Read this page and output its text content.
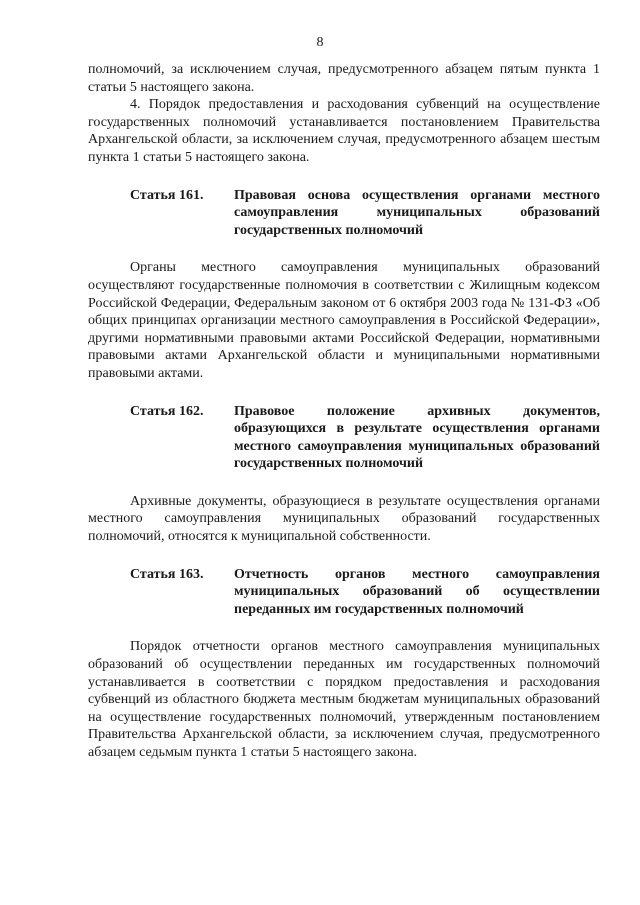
8

полномочий, за исключением случая, предусмотренного абзацем пятым пункта 1 статьи 5 настоящего закона.

4. Порядок предоставления и расходования субвенций на осуществление государственных полномочий устанавливается постановлением Правительства Архангельской области, за исключением случая, предусмотренного абзацем шестым пункта 1 статьи 5 настоящего закона.

Статья 161.	Правовая основа осуществления органами местного самоуправления муниципальных образований государственных полномочий

Органы местного самоуправления муниципальных образований осуществляют государственные полномочия в соответствии с Жилищным кодексом Российской Федерации, Федеральным законом от 6 октября 2003 года № 131-ФЗ «Об общих принципах организации местного самоуправления в Российской Федерации», другими нормативными правовыми актами Российской Федерации, нормативными правовыми актами Архангельской области и муниципальными нормативными правовыми актами.

Статья 162.	Правовое положение архивных документов, образующихся в результате осуществления органами местного самоуправления муниципальных образований государственных полномочий

Архивные документы, образующиеся в результате осуществления органами местного самоуправления муниципальных образований государственных полномочий, относятся к муниципальной собственности.

Статья 163.	Отчетность органов местного самоуправления муниципальных образований об осуществлении переданных им государственных полномочий

Порядок отчетности органов местного самоуправления муниципальных образований об осуществлении переданных им государственных полномочий устанавливается в соответствии с порядком предоставления и расходования субвенций из областного бюджета местным бюджетам муниципальных образований на осуществление государственных полномочий, утвержденным постановлением Правительства Архангельской области, за исключением случая, предусмотренного абзацем седьмым пункта 1 статьи 5 настоящего закона.
